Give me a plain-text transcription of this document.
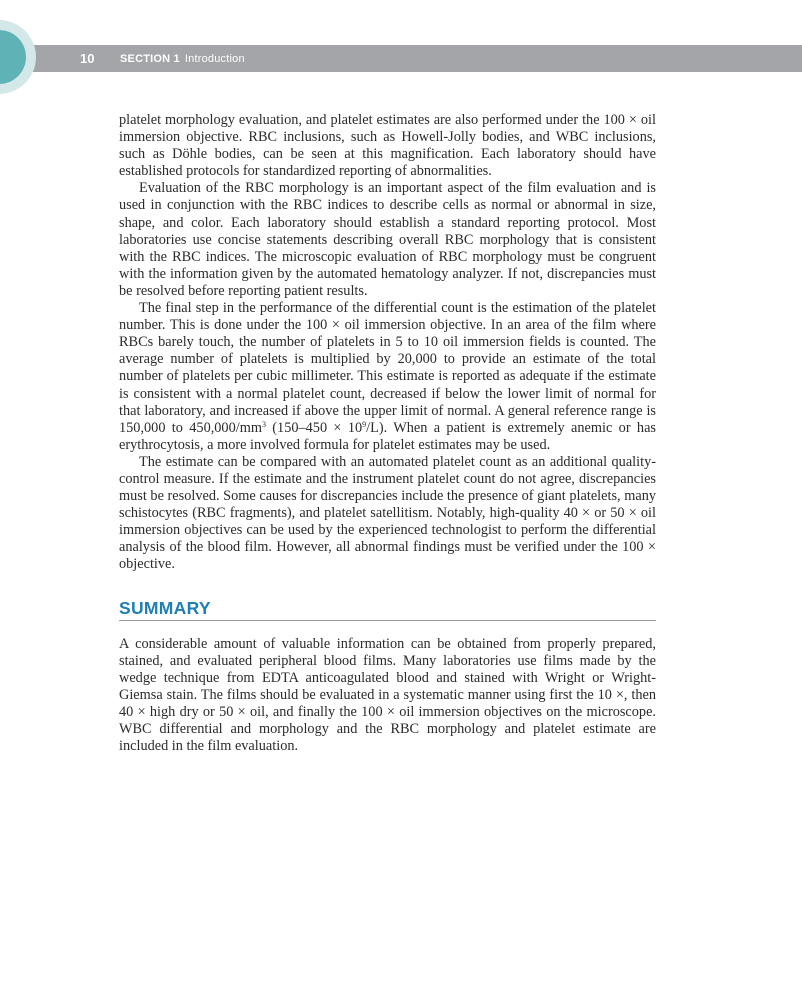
10 SECTION 1 Introduction

platelet morphology evaluation, and platelet estimates are also performed under the 100 × oil immersion objective. RBC inclusions, such as Howell-Jolly bodies, and WBC inclusions, such as Döhle bodies, can be seen at this magnification. Each laboratory should have established protocols for standardized reporting of abnormalities.

Evaluation of the RBC morphology is an important aspect of the film evaluation and is used in conjunction with the RBC indices to describe cells as normal or abnormal in size, shape, and color. Each laboratory should establish a standard reporting protocol. Most laboratories use concise statements describing overall RBC morphology that is consistent with the RBC indices. The microscopic evaluation of RBC morphology must be congruent with the information given by the automated hematology analyzer. If not, discrepancies must be resolved before reporting patient results.

The final step in the performance of the differential count is the estimation of the platelet number. This is done under the 100 × oil immersion objective. In an area of the film where RBCs barely touch, the number of platelets in 5 to 10 oil immersion fields is counted. The average number of platelets is multiplied by 20,000 to provide an estimate of the total number of platelets per cubic millimeter. This estimate is reported as adequate if the estimate is consistent with a normal platelet count, decreased if below the lower limit of normal for that laboratory, and increased if above the upper limit of normal. A general reference range is 150,000 to $450,000/mm^3$ $(150-450 \times 10^9/L)$. When a patient is extremely anemic or has erythrocytosis, a more involved formula for platelet estimates may be used.

The estimate can be compared with an automated platelet count as an additional quality-control measure. If the estimate and the instrument platelet count do not agree, discrepancies must be resolved. Some causes for discrepancies include the presence of giant platelets, many schistocytes (RBC fragments), and platelet satellitism. Notably, high-quality 40 × or 50 × oil immersion objectives can be used by the experienced technologist to perform the differential analysis of the blood film. However, all abnormal findings must be verified under the 100 × objective.

SUMMARY

A considerable amount of valuable information can be obtained from properly prepared, stained, and evaluated peripheral blood films. Many laboratories use films made by the wedge technique from EDTA anticoagulated blood and stained with Wright or Wright-Giemsa stain. The films should be evaluated in a systematic manner using first the 10 ×, then 40 × high dry or 50 × oil, and finally the 100 × oil immersion objectives on the microscope. WBC differential and morphology and the RBC morphology and platelet estimate are included in the film evaluation.
